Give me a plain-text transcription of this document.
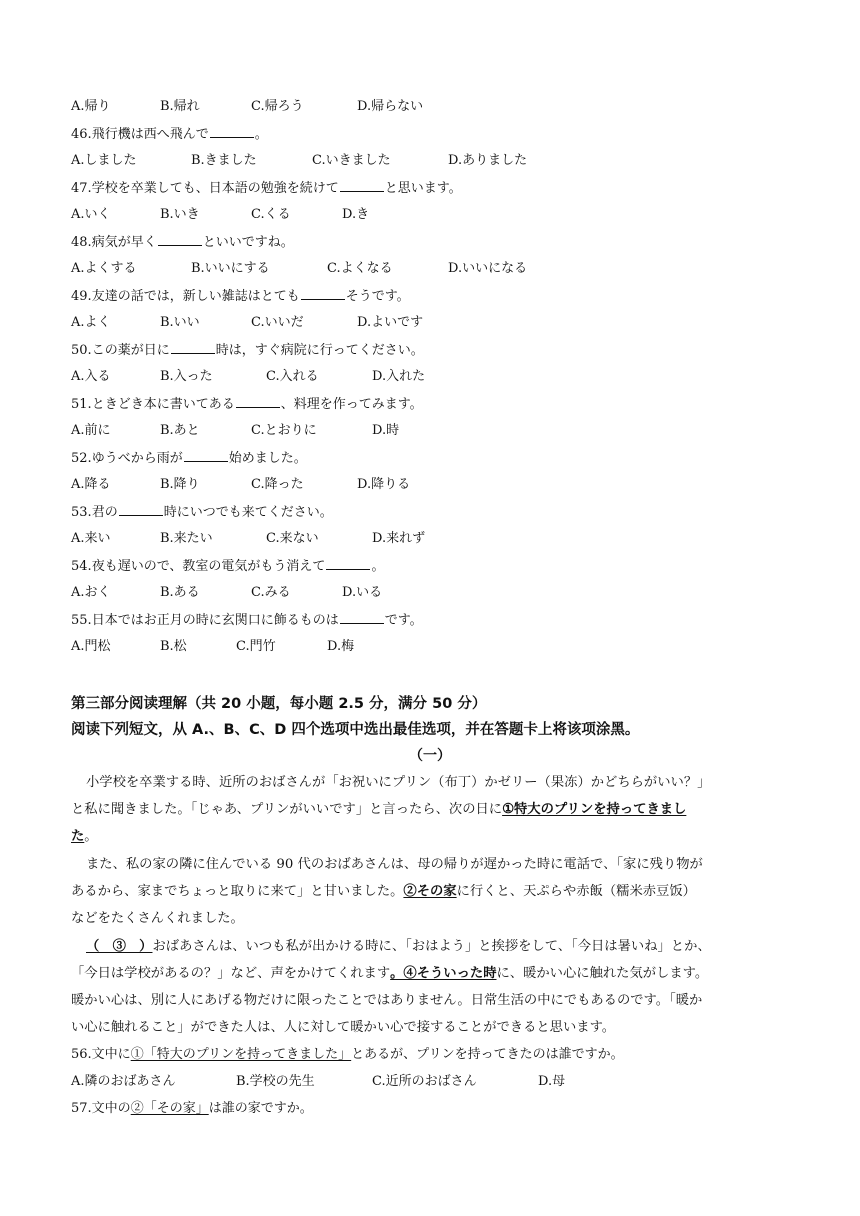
A.帰り	B.帰れ	C.帰ろう	D.帰らない
46.飛行機は西へ飛んで	。
A.しました	B.きました	C.いきました	D.ありました
47.学校を卒業しても、日本語の勉強を続けて	と思います。
A.いく	B.いき	C.くる	D.き
48.病気が早く	といいですね。
A.よくする	B.いいにする	C.よくなる	D.いいになる
49.友達の話では，新しい雑誌はとても	そうです。
A.よく	B.いい	C.いいだ	D.よいです
50.この薬が日に	時は，すぐ病院に行ってください。
A.入る	B.入った	C.入れる	D.入れた
51.ときどき本に書いてある	、料理を作ってみます。
A.前に	B.あと	C.とおりに	D.時
52.ゆうべから雨が	始めました。
A.降る	B.降り	C.降った	D.降りる
53.君の	時にいつでも来てください。
A.来い	B.来たい	C.来ない	D.来れず
54.夜も遅いので、教室の電気がもう消えて	。
A.おく	B.ある	C.みる	D.いる
55.日本ではお正月の時に玄関口に飾るものは	です。
A.門松	B.松	C.門竹	D.梅
第三部分阅读理解（共 20 小题，每小题 2.5 分，满分 50 分）
阅读下列短文，从 A.、B、C、D 四个选项中选出最佳选项，并在答题卡上将该项涂黑。
（一）
小学校を卒業する時、近所のおばさんが「お祝いにプリン（布丁）かゼリー（果冻）かどちらがいい？」
と私に聞きました。「じゃあ、プリンがいいです」と言ったら、次の日に①特大のプリンを持ってきまし
た。
また、私の家の隣に住んでいる 90 代のおばあさんは、母の帰りが遅かった時に電話で、「家に残り物が
あるから、家までちょっと取りに来て」と甘いました。②その家に行くと、天ぷらや赤飯（糯米赤豆饭）
などをたくさんくれました。
（　③　）おばあさんは、いつも私が出かける時に、「おはよう」と挨拶をして、「今日は暑いね」とか、
「今日は学校があるの？」など、声をかけてくれます。④そういった時に、暖かい心に触れた気がします。
暖かい心は、別に人にあげる物だけに限ったことではありません。日常生活の中にでもあるのです。「暖か
い心に触れること」ができた人は、人に対して暖かい心で接することができると思います。
56.文中に①「特大のプリンを持ってきました」とあるが、プリンを持ってきたのは誰ですか。
A.隣のおばあさん	B.学校の先生	C.近所のおばさん	D.母
57.文中の②「その家」は誰の家ですか。
